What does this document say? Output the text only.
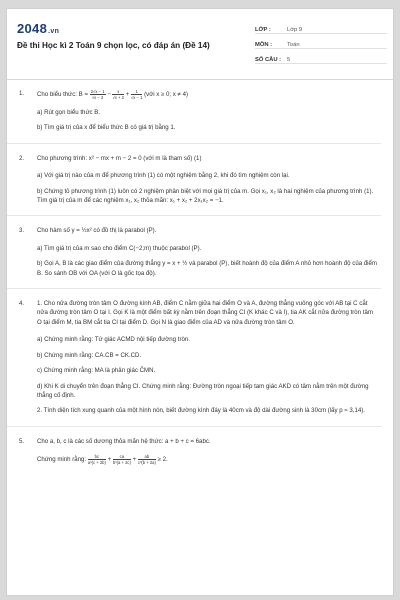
2048.vn
Đề thi Học kì 2 Toán 9 chọn lọc, có đáp án (Đề 14)
LỚP :	Lớp 9
MÔN :	Toán
SỐ CÂU :	5
1. Cho biểu thức: $B = \frac{2√x - 1}{√x - 2} - \frac{x}{√x + 2} + \frac{1}{√x - 1}$ (với x ≥ 0; x ≠ 4)
a) Rút gọn biểu thức B.
b) Tìm giá trị của x để biểu thức B có giá trị bằng 1.
2. Cho phương trình: x² − mx + m − 2 = 0 (với m là tham số) (1)
a) Với giá trị nào của m để phương trình (1) có một nghiệm bằng 2, khi đó tìm nghiệm còn lại.
b) Chứng tỏ phương trình (1) luôn có 2 nghiệm phân biệt với mọi giá trị của m. Gọi x₁, x₂ là hai nghiệm của phương trình (1). Tìm giá trị của m để các nghiệm x₁, x₂ thỏa mãn: x₁ + x₂ + 2x₁x₂ = −1.
3. Cho hàm số y = ½x² có đồ thị là parabol (P).
a) Tìm giá trị của m sao cho điểm C(−2;m) thuộc parabol (P).
b) Gọi A, B là các giao điểm của đường thẳng y = x + ½ và parabol (P), biết hoành độ của điểm A nhỏ hơn hoành độ của điểm B. So sánh OB với OA (với O là gốc tọa độ).
4. 1. Cho nửa đường tròn tâm O đường kính AB, điểm C nằm giữa hai điểm O và A, đường thẳng vuông góc với AB tại C cắt nửa đường tròn tâm O tại I. Gọi K là một điểm bất kỳ nằm trên đoạn thẳng CI (K khác C và I), tia AK cắt nửa đường tròn tâm O tại điểm M, tia BM cắt tia CI tại điểm D. Gọi N là giao điểm của AD và nửa đường tròn tâm O.
a) Chứng minh rằng: Tứ giác ACMD nội tiếp đường tròn.
b) Chứng minh rằng: CA.CB = CK.CD.
c) Chứng minh rằng: MA là phân giác ĈMN.
d) Khi K di chuyển trên đoạn thẳng CI. Chứng minh rằng: Đường tròn ngoại tiếp tam giác AKD có tâm nằm trên một đường thẳng cố định.
2. Tính diện tích xung quanh của một hình nón, biết đường kính đáy là 40cm và độ dài đường sinh là 30cm (lấy p ≈ 3,14).
5. Cho a, b, c là các số dương thỏa mãn hệ thức: a + b + c = 6abc.
Chứng minh rằng: $\frac{bc}{\text{a³(c + 2b)}} + \frac{ca}{\text{b³(a + 2c)}} + \frac{ab}{\text{c³(b + 2a)}} \ge 2$.
